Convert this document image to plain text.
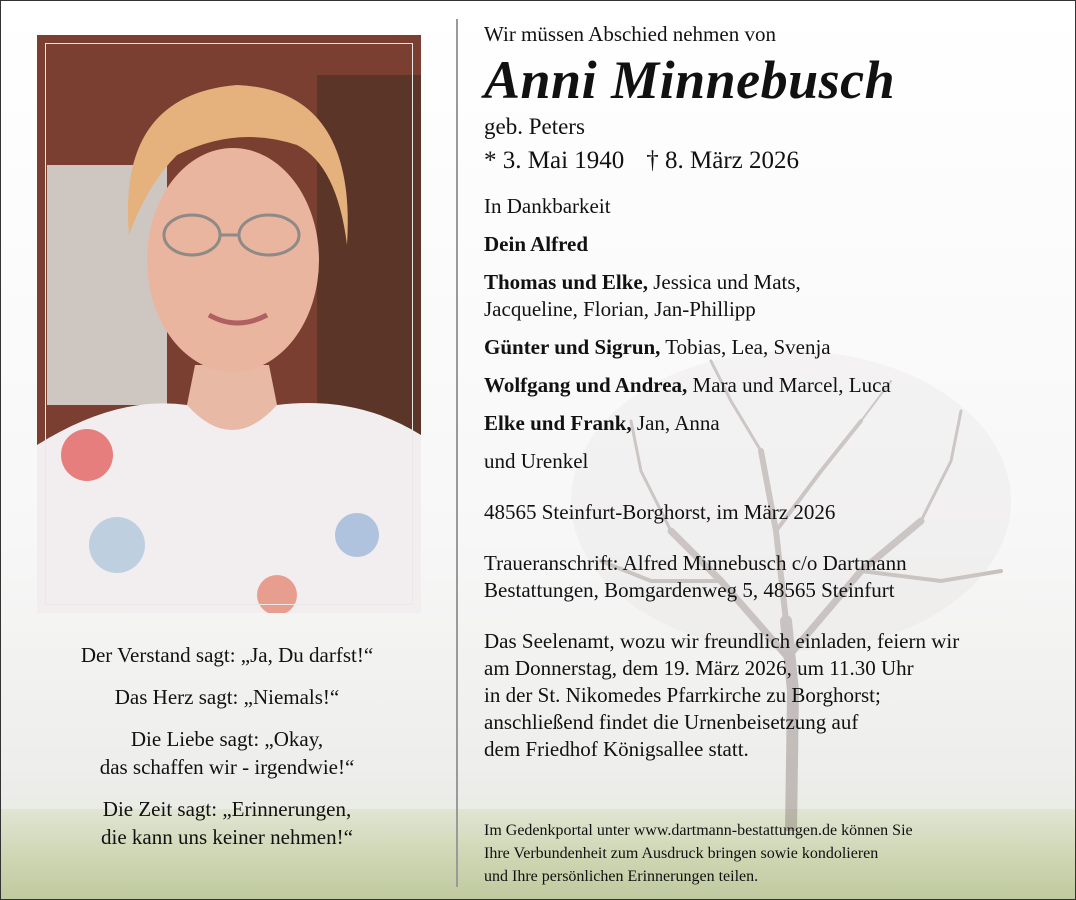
Der Verstand sagt: „Ja, Du darfst!“

Das Herz sagt: „Niemals!“

Die Liebe sagt: „Okay,
das schaffen wir - irgendwie!“

Die Zeit sagt: „Erinnerungen,
die kann uns keiner nehmen!“

Wir müssen Abschied nehmen von

Anni Minnebusch

geb. Peters

* 3. Mai 1940 † 8. März 2026

In Dankbarkeit

Dein Alfred

Thomas und Elke, Jessica und Mats,
Jacqueline, Florian, Jan-Phillipp

Günter und Sigrun, Tobias, Lea, Svenja

Wolfgang und Andrea, Mara und Marcel, Luca

Elke und Frank, Jan, Anna

und Urenkel

48565 Steinfurt-Borghorst, im März 2026

Traueranschrift: Alfred Minnebusch c/o Dartmann
Bestattungen, Bomgardenweg 5, 48565 Steinfurt

Das Seelenamt, wozu wir freundlich einladen, feiern wir
am Donnerstag, dem 19. März 2026, um 11.30 Uhr
in der St. Nikomedes Pfarrkirche zu Borghorst;
anschließend findet die Urnenbeisetzung auf
dem Friedhof Königsallee statt.

Im Gedenkportal unter www.dartmann-bestattungen.de können Sie

Ihre Verbundenheit zum Ausdruck bringen sowie kondolieren

und Ihre persönlichen Erinnerungen teilen.
